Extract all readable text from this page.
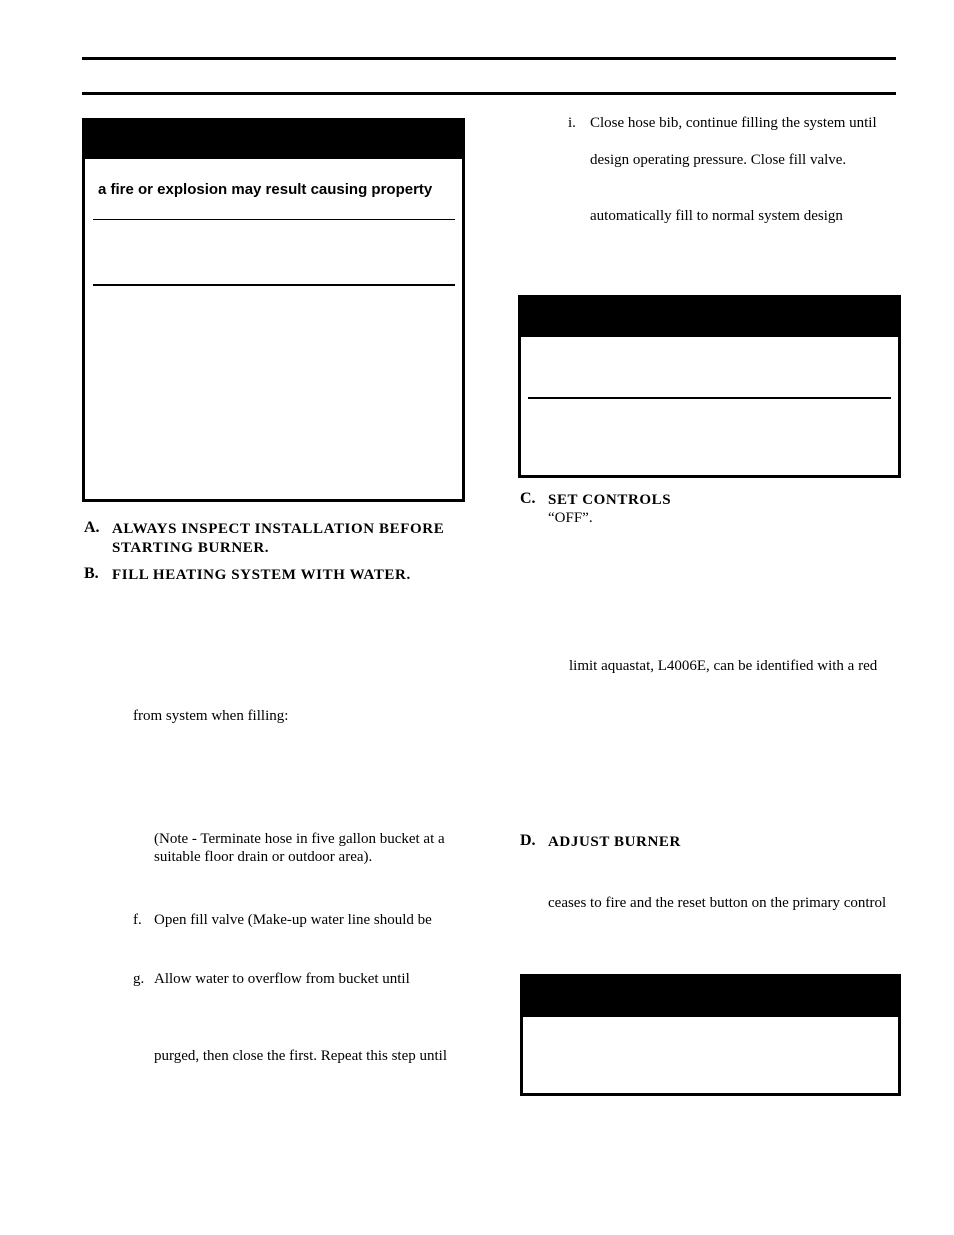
a fire or explosion may result causing property
A. ALWAYS INSPECT INSTALLATION BEFORE
STARTING BURNER.
B. FILL HEATING SYSTEM WITH WATER.
from system when filling:
(Note - Terminate hose in five gallon bucket at a
suitable floor drain or outdoor area).
f. Open fill valve (Make-up water line should be
g. Allow water to overflow from bucket until
purged, then close the first. Repeat this step until
i. Close hose bib, continue filling the system until
design operating pressure. Close fill valve.
automatically fill to normal system design
C. SET CONTROLS
“OFF”.
limit aquastat, L4006E, can be identified with a red
D. ADJUST BURNER
ceases to fire and the reset button on the primary control
